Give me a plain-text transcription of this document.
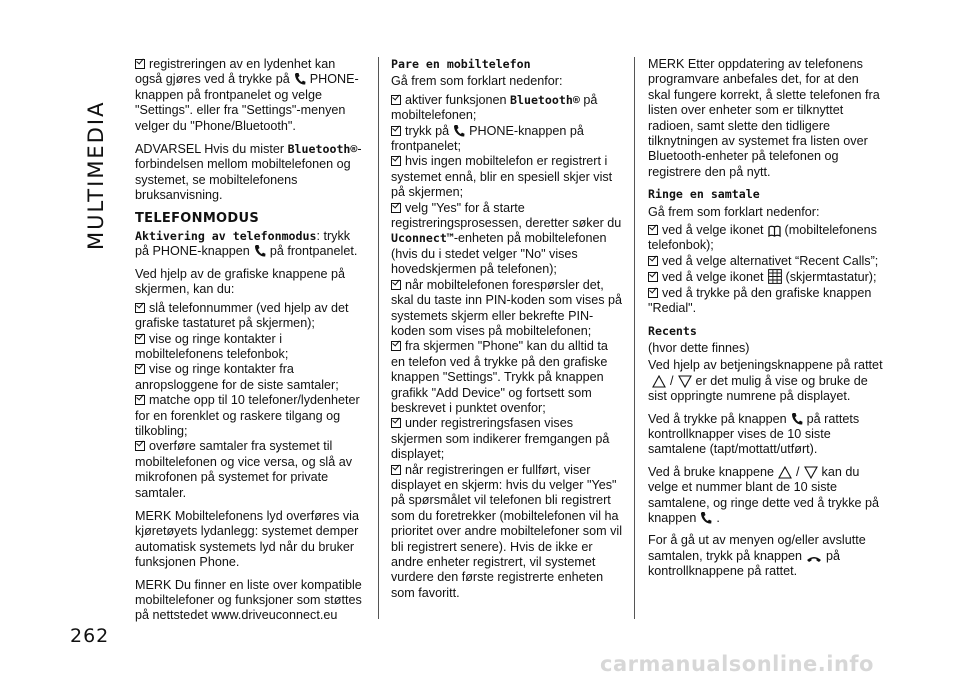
MULTIMEDIA
262

registreringen av en lydenhet kan også gjøres ved å trykke på PHONE-knappen på frontpanelet og velge "Settings". eller fra "Settings"-menyen velger du "Phone/Bluetooth".

ADVARSEL Hvis du mister Bluetooth®-forbindelsen mellom mobiltelefonen og systemet, se mobiltelefonens bruksanvisning.

TELEFONMODUS

Aktivering av telefonmodus: trykk på PHONE-knappen på frontpanelet.

Ved hjelp av de grafiske knappene på skjermen, kan du:

slå telefonnummer (ved hjelp av det grafiske tastaturet på skjermen);

vise og ringe kontakter i mobiltelefonens telefonbok;

vise og ringe kontakter fra anropsloggene for de siste samtaler;

matche opp til 10 telefoner/lydenheter for en forenklet og raskere tilgang og tilkobling;

overføre samtaler fra systemet til mobiltelefonen og vice versa, og slå av mikrofonen på systemet for private samtaler.

MERK Mobiltelefonens lyd overføres via kjøretøyets lydanlegg: systemet demper automatisk systemets lyd når du bruker funksjonen Phone.

MERK Du finner en liste over kompatible mobiltelefoner og funksjoner som støttes på nettstedet www.driveuconnect.eu

Pare en mobiltelefon

Gå frem som forklart nedenfor:

aktiver funksjonen Bluetooth® på mobiltelefonen;

trykk på PHONE-knappen på frontpanelet;

hvis ingen mobiltelefon er registrert i systemet ennå, blir en spesiell skjer vist på skjermen;

velg "Yes" for å starte registreringsprosessen, deretter søker du Uconnect™-enheten på mobiltelefonen (hvis du i stedet velger "No" vises hovedskjermen på telefonen);

når mobiltelefonen forespørsler det, skal du taste inn PIN-koden som vises på systemets skjerm eller bekrefte PIN-koden som vises på mobiltelefonen;

fra skjermen "Phone" kan du alltid ta en telefon ved å trykke på den grafiske knappen "Settings". Trykk på knappen grafikk "Add Device" og fortsett som beskrevet i punktet ovenfor;

under registreringsfasen vises skjermen som indikerer fremgangen på displayet;

når registreringen er fullført, viser displayet en skjerm: hvis du velger "Yes" på spørsmålet vil telefonen bli registrert som du foretrekker (mobiltelefonen vil ha prioritet over andre mobiltelefoner som vil bli registrert senere). Hvis de ikke er andre enheter registrert, vil systemet vurdere den første registrerte enheten som favoritt.

MERK Etter oppdatering av telefonens programvare anbefales det, for at den skal fungere korrekt, å slette telefonen fra listen over enheter som er tilknyttet radioen, samt slette den tidligere tilknytningen av systemet fra listen over Bluetooth-enheter på telefonen og registrere den på nytt.

Ringe en samtale

Gå frem som forklart nedenfor:

ved å velge ikonet (mobiltelefonens telefonbok);

ved å velge alternativet “Recent Calls”;

ved å velge ikonet (skjermtastatur);

ved å trykke på den grafiske knappen "Redial".

Recents

(hvor dette finnes)

Ved hjelp av betjeningsknappene på rattet/ er det mulig å vise og bruke de sist oppringte numrene på displayet.

Ved å trykke på knappen på rattets kontrollknapper vises de 10 siste samtalene (tapt/mottatt/utført).

Ved å bruke knappene / kan du velge et nummer blant de 10 siste samtalene, og ringe dette ved å trykke på knappen .

For å gå ut av menyen og/eller avslutte samtalen, trykk på knappen på kontrollknappene på rattet.

carmanualsonline.info
